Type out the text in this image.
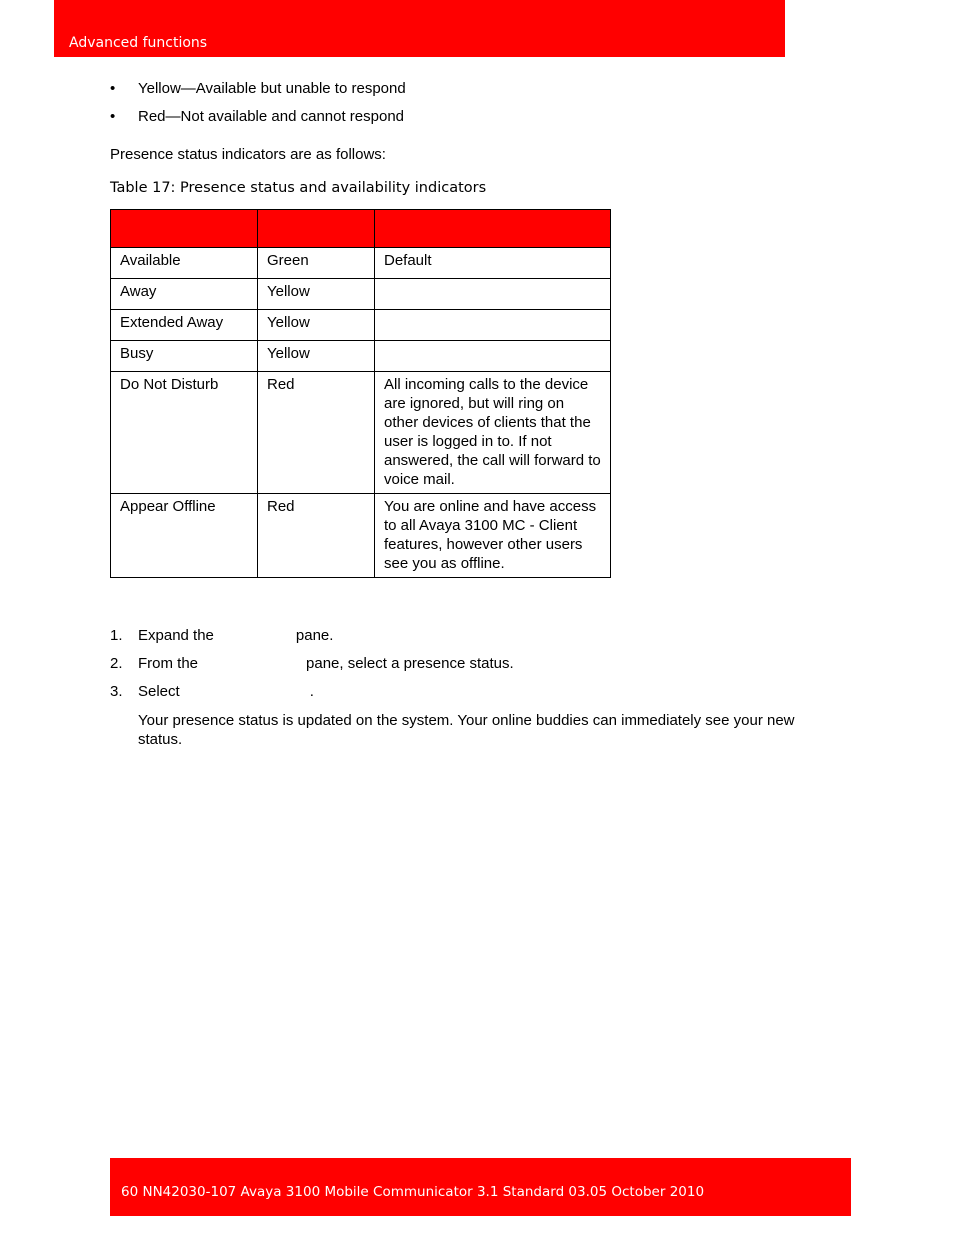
Advanced functions
• Yellow—Available but unable to respond
• Red—Not available and cannot respond
Presence status indicators are as follows:
Table 17: Presence status and availability indicators

Available	Green	Default
Away	Yellow	
Extended Away	Yellow	
Busy	Yellow	
Do Not Disturb	Red	All incoming calls to the device are ignored, but will ring on other devices of clients that the user is logged in to. If not answered, the call will forward to voice mail.
Appear Offline	Red	You are online and have access to all Avaya 3100 MC - Client features, however other users see you as offline.
1. Expand the	pane.
2. From the	pane, select a presence status.
3. Select	.
Your presence status is updated on the system. Your online buddies can immediately see your new status.
60 NN42030-107 Avaya 3100 Mobile Communicator 3.1 Standard 03.05 October 2010
